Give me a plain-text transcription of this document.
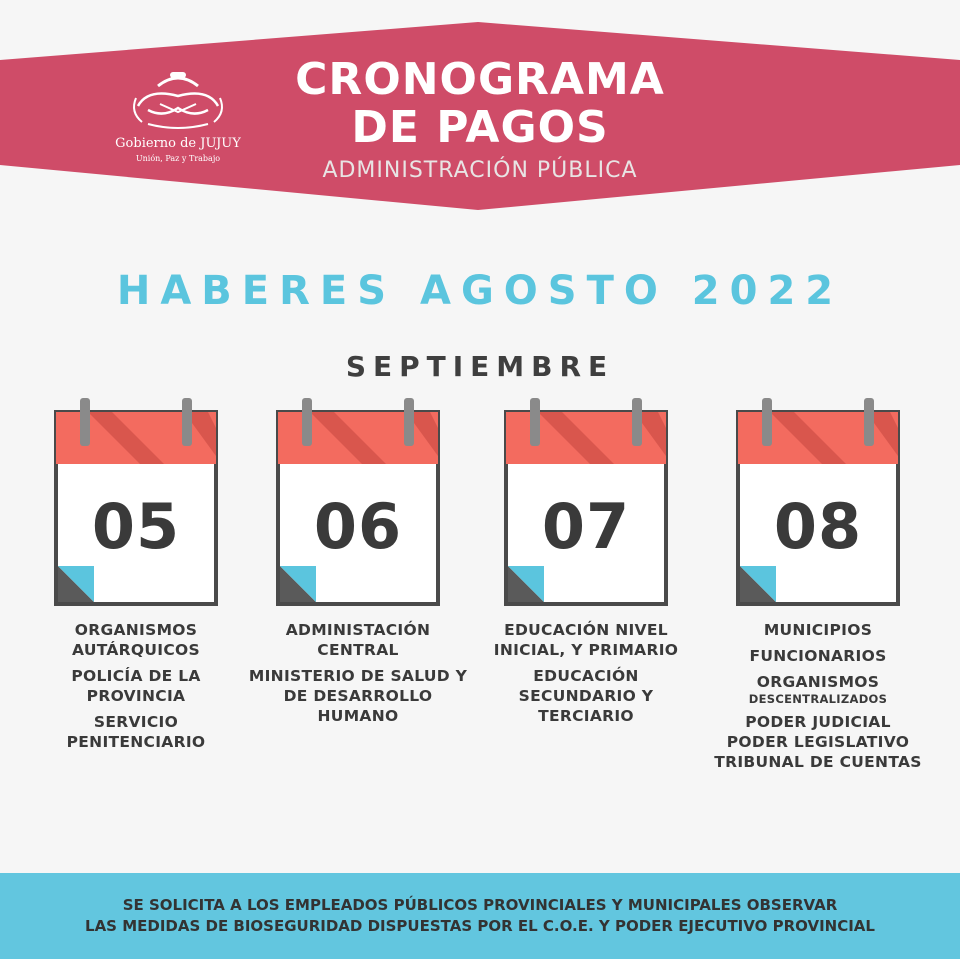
Gobierno de JUJUY
Unión, Paz y Trabajo
CRONOGRAMA
DE PAGOS
ADMINISTRACIÓN PÚBLICA
HABERES AGOSTO 2022
SEPTIEMBRE
05	06	07	08

ORGANISMOS AUTÁRQUICOS

POLICÍA DE LA PROVINCIA

SERVICIO PENITENCIARIO

ADMINISTACIÓN CENTRAL

MINISTERIO DE SALUD Y DE DESARROLLO HUMANO

EDUCACIÓN NIVEL INICIAL, Y PRIMARIO

EDUCACIÓN SECUNDARIO Y TERCIARIO

MUNICIPIOS

FUNCIONARIOS

ORGANISMOS

DESCENTRALIZADOS

PODER JUDICIAL

PODER LEGISLATIVO

TRIBUNAL DE CUENTAS

SE SOLICITA A LOS EMPLEADOS PÚBLICOS PROVINCIALES Y MUNICIPALES OBSERVAR
LAS MEDIDAS DE BIOSEGURIDAD DISPUESTAS POR EL C.O.E. Y PODER EJECUTIVO PROVINCIAL
